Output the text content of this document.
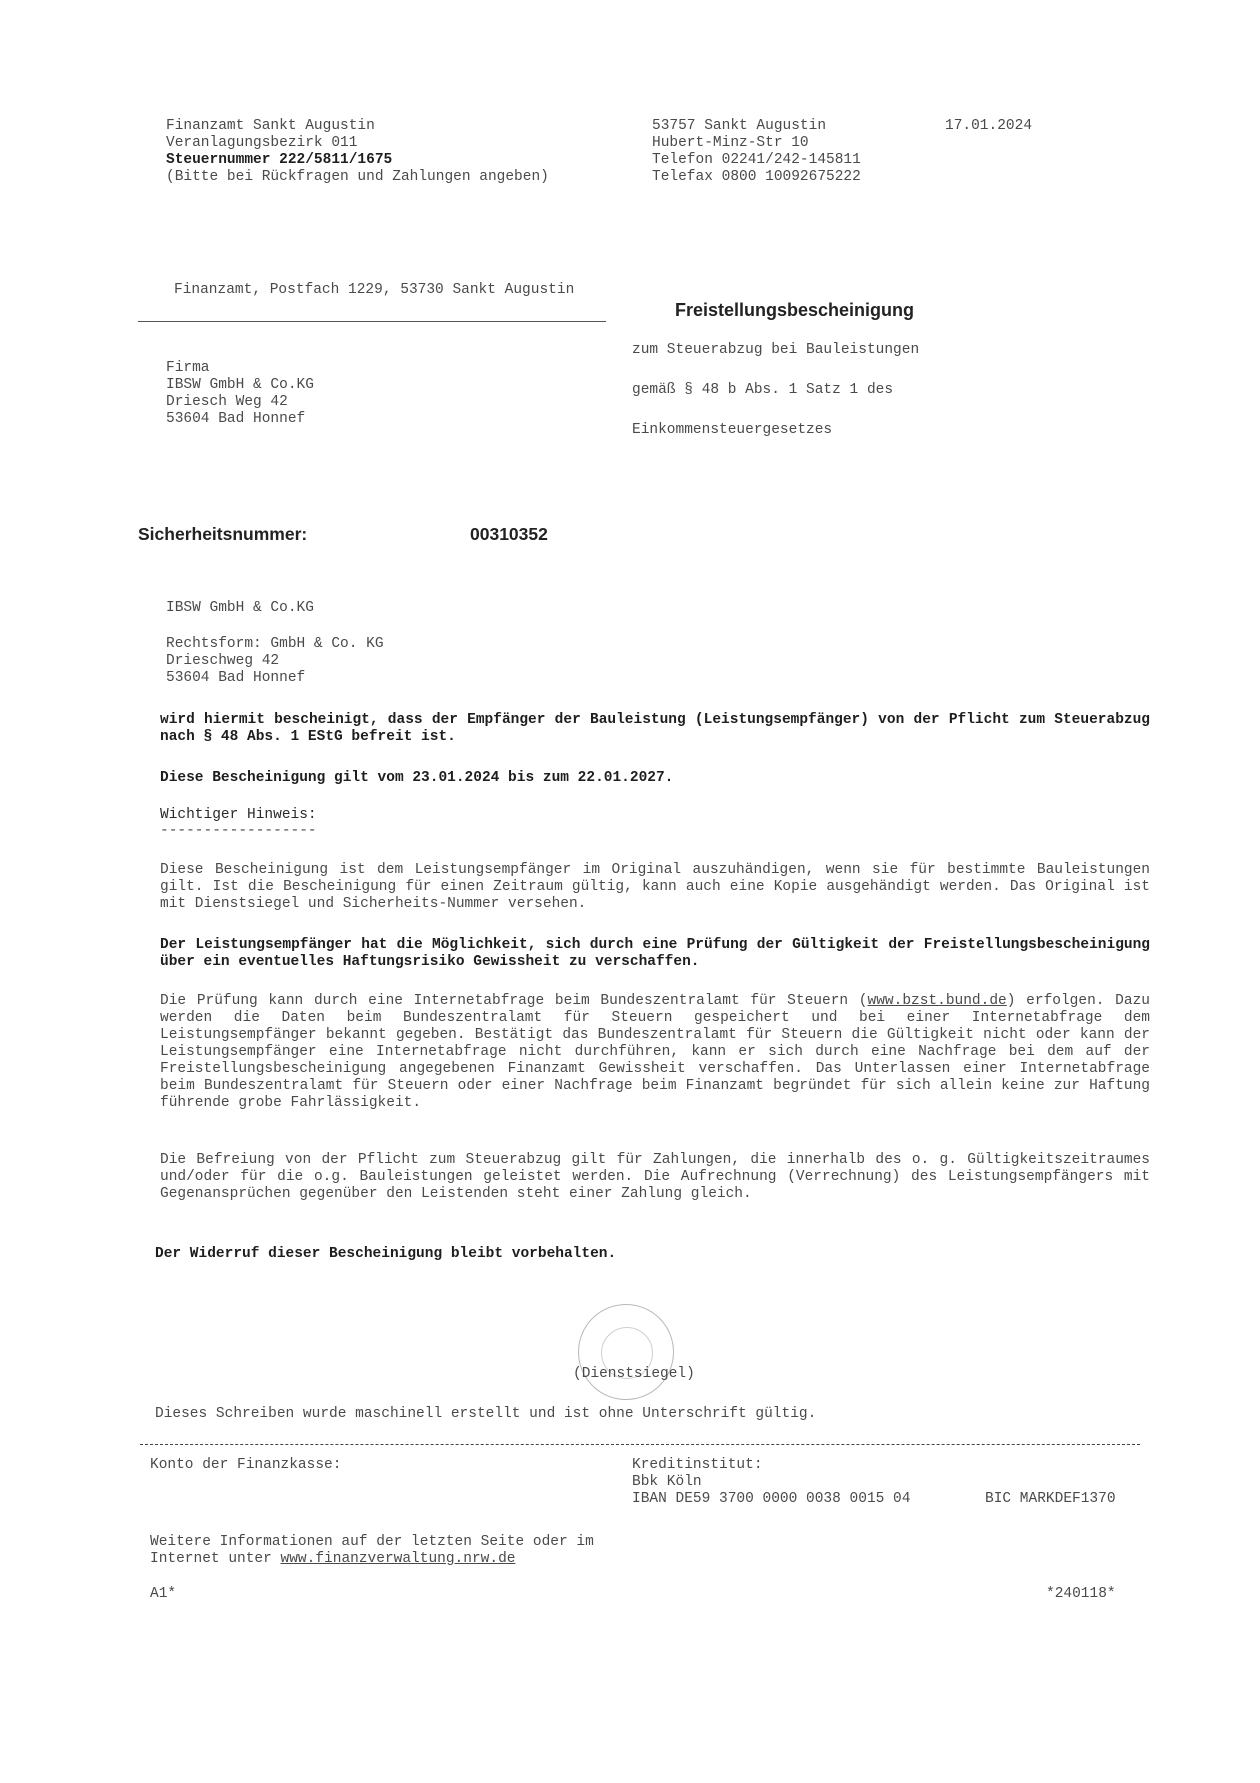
Finanzamt Sankt Augustin
Veranlagungsbezirk 011
Steuernummer 222/5811/1675
(Bitte bei Rückfragen und Zahlungen angeben)
53757 Sankt Augustin
Hubert-Minz-Str 10
Telefon 02241/242-145811
Telefax 0800 10092675222
17.01.2024
Finanzamt, Postfach 1229, 53730 Sankt Augustin
Freistellungsbescheinigung
zum Steuerabzug bei Bauleistungen
gemäß § 48 b Abs. 1 Satz 1 des
Einkommensteuergesetzes
Firma
IBSW GmbH & Co.KG
Driesch Weg 42
53604 Bad Honnef
Sicherheitsnummer:	00310352
IBSW GmbH & Co.KG
Rechtsform: GmbH & Co. KG
Drieschweg 42
53604 Bad Honnef
wird hiermit bescheinigt, dass der Empfänger der Bauleistung (Leistungsempfänger) von der Pflicht zum Steuerabzug nach § 48 Abs. 1 EStG befreit ist.
Diese Bescheinigung gilt vom 23.01.2024 bis zum 22.01.2027.
Wichtiger Hinweis:
------------------
Diese Bescheinigung ist dem Leistungsempfänger im Original auszuhändigen, wenn sie für bestimmte Bauleistungen gilt. Ist die Bescheinigung für einen Zeitraum gültig, kann auch eine Kopie ausgehändigt werden. Das Original ist mit Dienstsiegel und Sicherheits-Nummer versehen.
Der Leistungsempfänger hat die Möglichkeit, sich durch eine Prüfung der Gültigkeit der Freistellungsbescheinigung über ein eventuelles Haftungsrisiko Gewissheit zu verschaffen.
Die Prüfung kann durch eine Internetabfrage beim Bundeszentralamt für Steuern (www.bzst.bund.de) erfolgen. Dazu werden die Daten beim Bundeszentralamt für Steuern gespeichert und bei einer Internetabfrage dem Leistungsempfänger bekannt gegeben. Bestätigt das Bundeszentralamt für Steuern die Gültigkeit nicht oder kann der Leistungsempfänger eine Internetabfrage nicht durchführen, kann er sich durch eine Nachfrage bei dem auf der Freistellungsbescheinigung angegebenen Finanzamt Gewissheit verschaffen. Das Unterlassen einer Internetabfrage beim Bundeszentralamt für Steuern oder einer Nachfrage beim Finanzamt begründet für sich allein keine zur Haftung führende grobe Fahrlässigkeit.
Die Befreiung von der Pflicht zum Steuerabzug gilt für Zahlungen, die innerhalb des o. g. Gültigkeitszeitraumes und/oder für die o.g. Bauleistungen geleistet werden. Die Aufrechnung (Verrechnung) des Leistungsempfängers mit Gegenansprüchen gegenüber den Leistenden steht einer Zahlung gleich.
Der Widerruf dieser Bescheinigung bleibt vorbehalten.
(Dienstsiegel)
Dieses Schreiben wurde maschinell erstellt und ist ohne Unterschrift gültig.
Konto der Finanzkasse:	Kreditinstitut:
Bbk Köln
IBAN DE59 3700 0000 0038 0015 04	BIC MARKDEF1370
Weitere Informationen auf der letzten Seite oder im
Internet unter www.finanzverwaltung.nrw.de
A1*	*240118*
